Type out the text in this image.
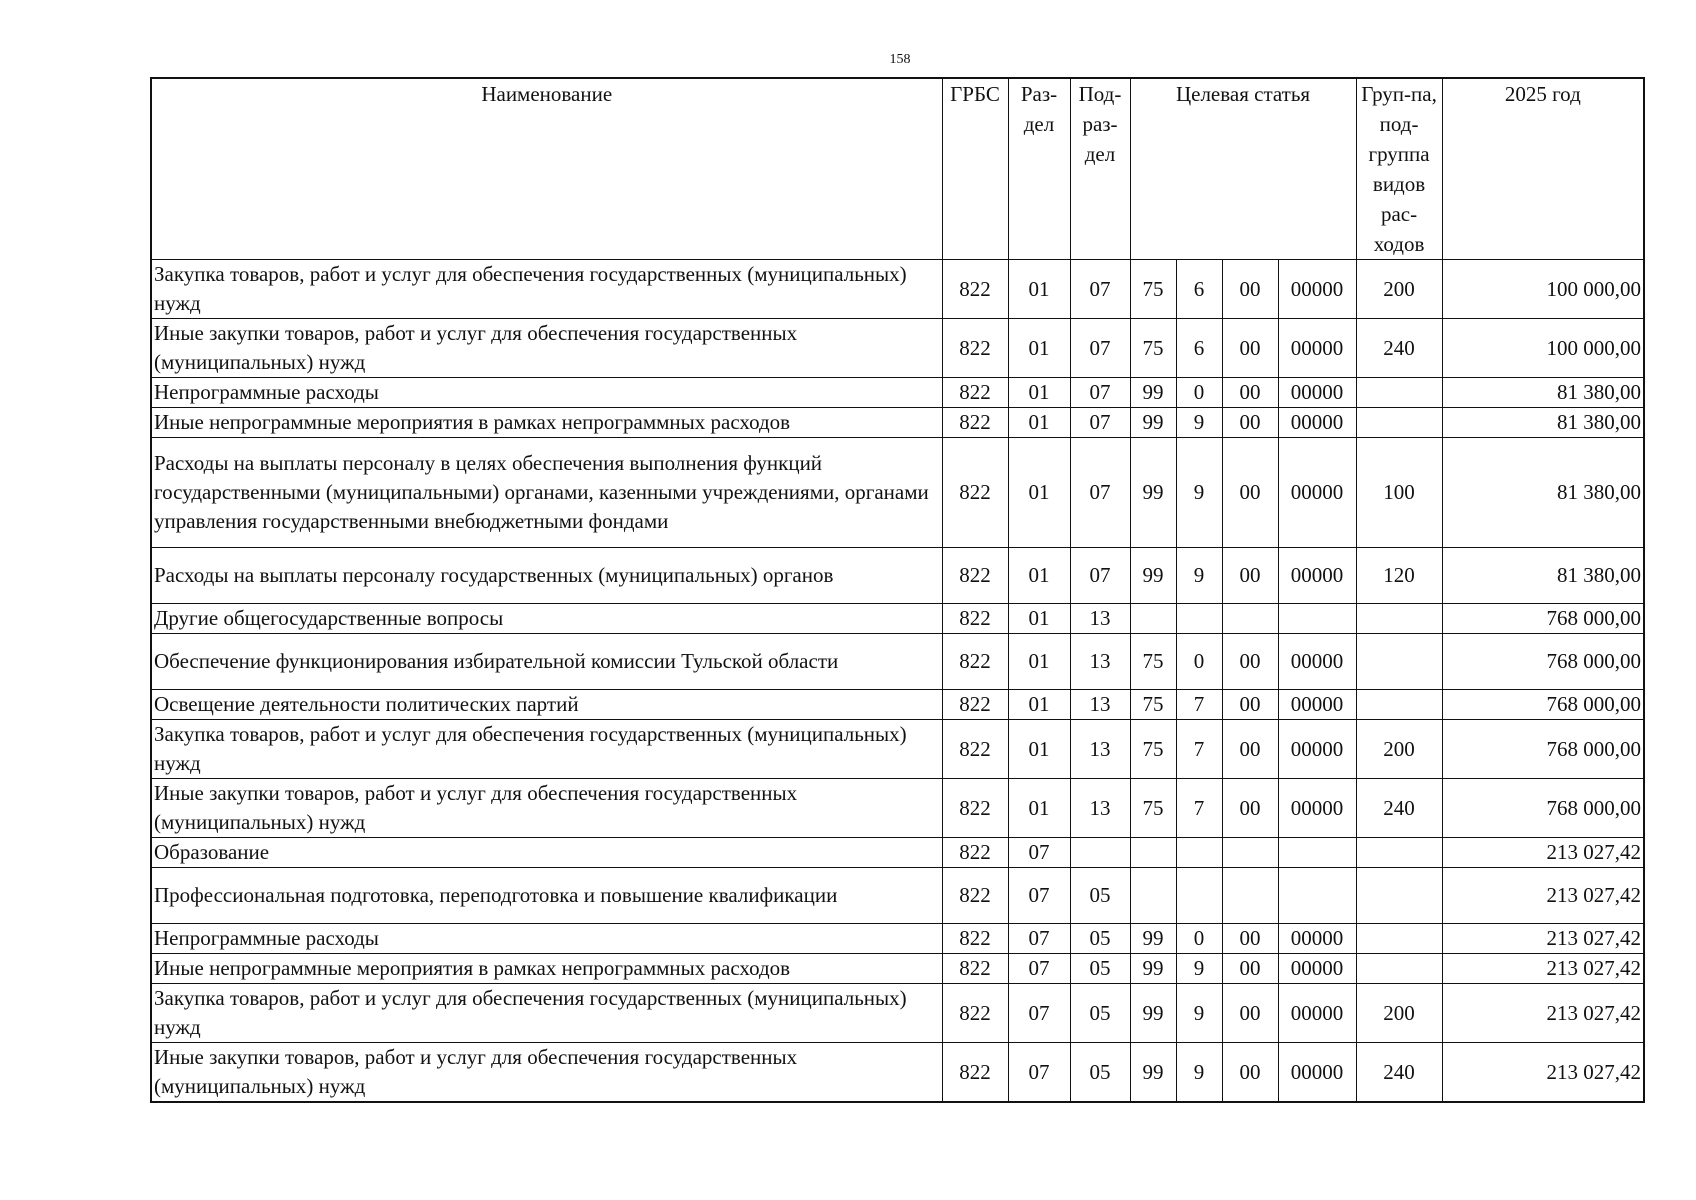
158
Наименование	ГРБС	Раз-дел	Под-раз-дел	Целевая статья				Груп-па, под-группа видов рас-ходов	2025 год
Закупка товаров, работ и услуг для обеспечения государственных (муниципальных) нужд	822	01	07	75	6	00	00000	200	100 000,00
Иные закупки товаров, работ и услуг для обеспечения государственных (муниципальных) нужд	822	01	07	75	6	00	00000	240	100 000,00
Непрограммные расходы	822	01	07	99	0	00	00000		81 380,00
Иные непрограммные мероприятия в рамках непрограммных расходов	822	01	07	99	9	00	00000		81 380,00
Расходы на выплаты персоналу в целях обеспечения выполнения функций государственными (муниципальными) органами, казенными учреждениями, органами управления государственными внебюджетными фондами	822	01	07	99	9	00	00000	100	81 380,00
Расходы на выплаты персоналу государственных (муниципальных) органов	822	01	07	99	9	00	00000	120	81 380,00
Другие общегосударственные вопросы	822	01	13						768 000,00
Обеспечение функционирования избирательной комиссии Тульской области	822	01	13	75	0	00	00000		768 000,00
Освещение деятельности политических партий	822	01	13	75	7	00	00000		768 000,00
Закупка товаров, работ и услуг для обеспечения государственных (муниципальных) нужд	822	01	13	75	7	00	00000	200	768 000,00
Иные закупки товаров, работ и услуг для обеспечения государственных (муниципальных) нужд	822	01	13	75	7	00	00000	240	768 000,00
Образование	822	07							213 027,42
Профессиональная подготовка, переподготовка и повышение квалификации	822	07	05						213 027,42
Непрограммные расходы	822	07	05	99	0	00	00000		213 027,42
Иные непрограммные мероприятия в рамках непрограммных расходов	822	07	05	99	9	00	00000		213 027,42
Закупка товаров, работ и услуг для обеспечения государственных (муниципальных) нужд	822	07	05	99	9	00	00000	200	213 027,42
Иные закупки товаров, работ и услуг для обеспечения государственных (муниципальных) нужд	822	07	05	99	9	00	00000	240	213 027,42
